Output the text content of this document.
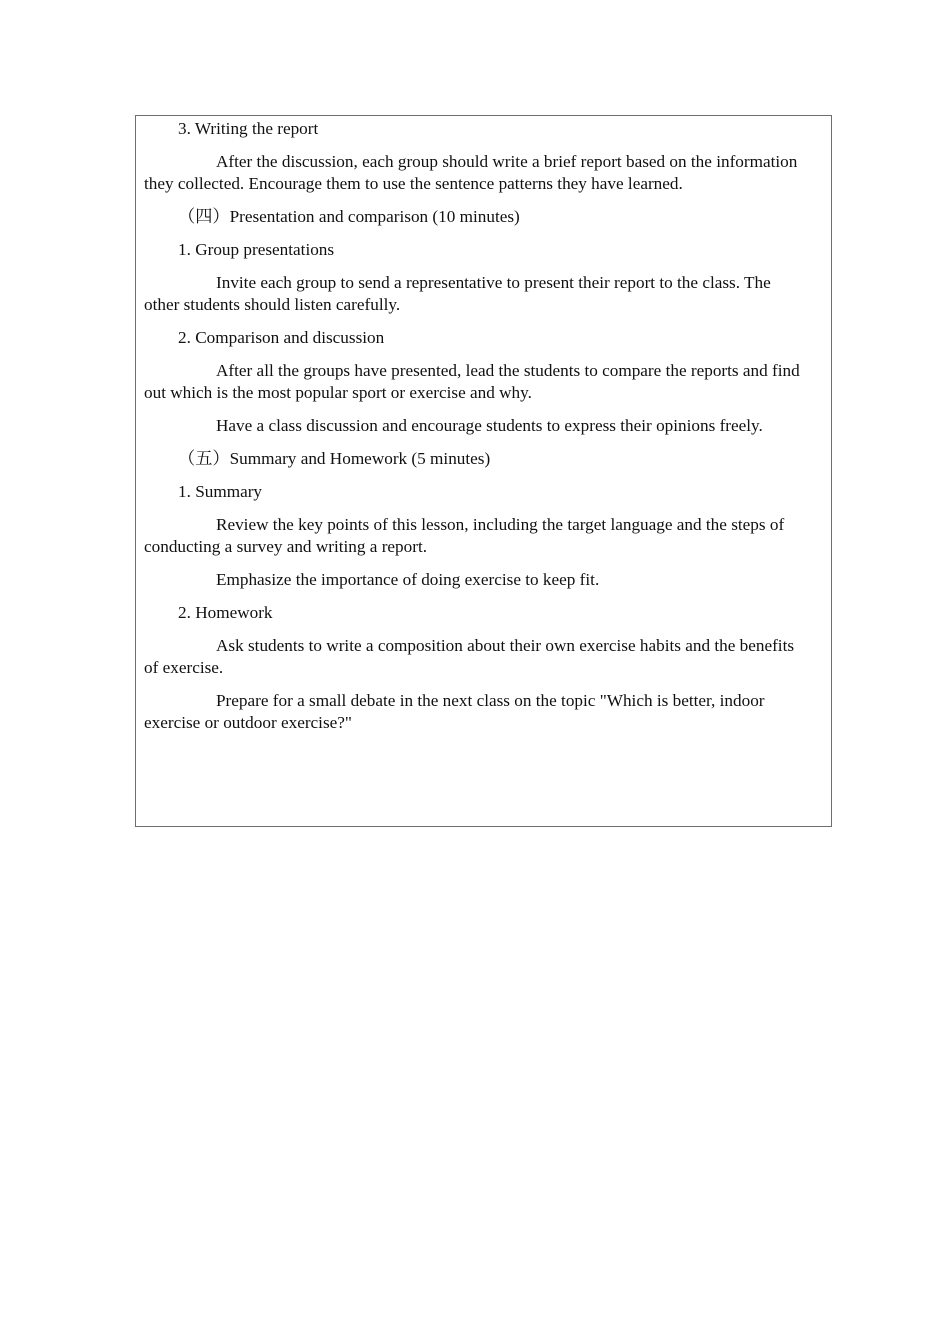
3. Writing the report
After the discussion, each group should write a brief report based on the information they collected. Encourage them to use the sentence patterns they have learned.
（四）Presentation and comparison (10 minutes)
1. Group presentations
Invite each group to send a representative to present their report to the class. The other students should listen carefully.
2. Comparison and discussion
After all the groups have presented, lead the students to compare the reports and find out which is the most popular sport or exercise and why.
Have a class discussion and encourage students to express their opinions freely.
（五）Summary and Homework (5 minutes)
1. Summary
Review the key points of this lesson, including the target language and the steps of conducting a survey and writing a report.
Emphasize the importance of doing exercise to keep fit.
2. Homework
Ask students to write a composition about their own exercise habits and the benefits of exercise.
Prepare for a small debate in the next class on the topic "Which is better, indoor exercise or outdoor exercise?"
